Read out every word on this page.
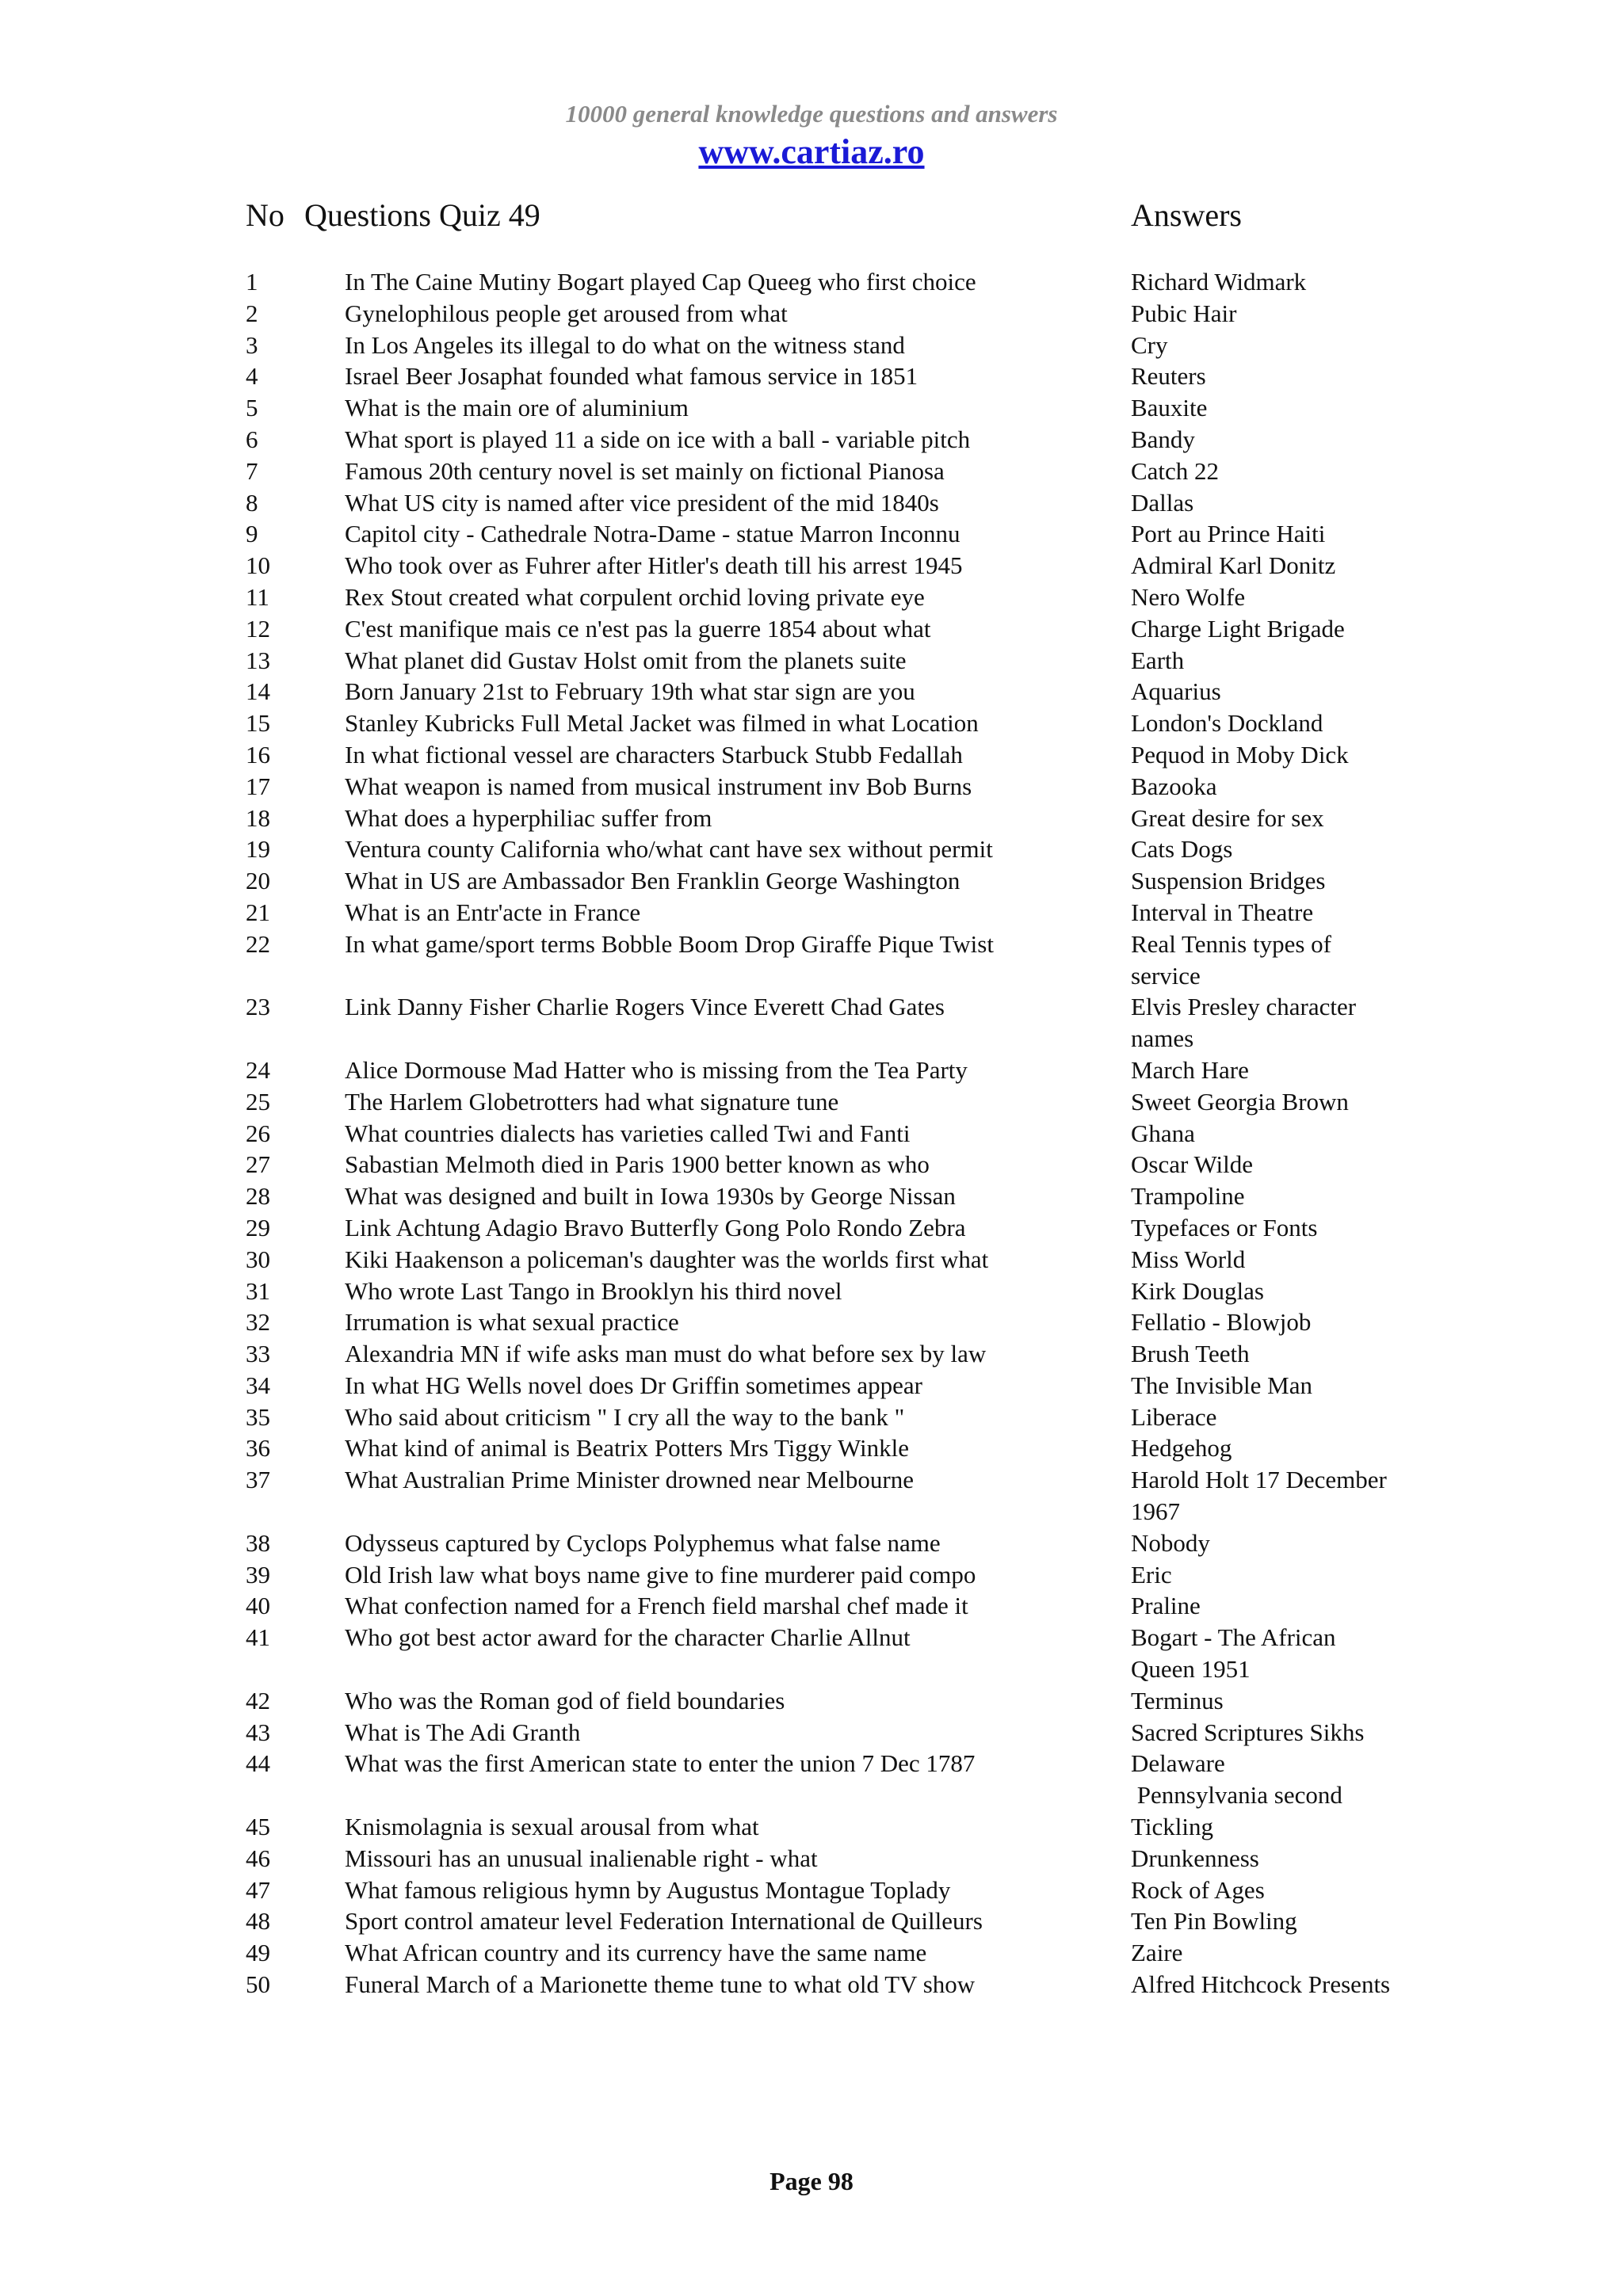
10000 general knowledge questions and answers
www.cartiaz.ro
No Questions Quiz 49	Answers
1	In The Caine Mutiny Bogart played Cap Queeg who first choice	Richard Widmark
2	Gynelophilous people get aroused from what	Pubic Hair
3	In Los Angeles its illegal to do what on the witness stand	Cry
4	Israel Beer Josaphat founded what famous service in 1851	Reuters
5	What is the main ore of aluminium	Bauxite
6	What sport is played 11 a side on ice with a ball - variable pitch	Bandy
7	Famous 20th century novel is set mainly on fictional Pianosa	Catch 22
8	What US city is named after vice president of the mid 1840s	Dallas
9	Capitol city - Cathedrale Notra-Dame - statue Marron Inconnu	Port au Prince Haiti
10	Who took over as Fuhrer after Hitler's death till his arrest 1945	Admiral Karl Donitz
11	Rex Stout created what corpulent orchid loving private eye	Nero Wolfe
12	C'est manifique mais ce n'est pas la guerre 1854 about what	Charge Light Brigade
13	What planet did Gustav Holst omit from the planets suite	Earth
14	Born January 21st to February 19th what star sign are you	Aquarius
15	Stanley Kubricks Full Metal Jacket was filmed in what Location	London's Dockland
16	In what fictional vessel are characters Starbuck Stubb Fedallah	Pequod in Moby Dick
17	What weapon is named from musical instrument inv Bob Burns	Bazooka
18	What does a hyperphiliac suffer from	Great desire for sex
19	Ventura county California who/what cant have sex without permit	Cats Dogs
20	What in US are Ambassador Ben Franklin George Washington	Suspension Bridges
21	What is an Entr'acte in France	Interval in Theatre
22	In what game/sport terms Bobble Boom Drop Giraffe Pique Twist	Real Tennis types of service
23	Link Danny Fisher Charlie Rogers Vince Everett Chad Gates	Elvis Presley character names
24	Alice Dormouse Mad Hatter who is missing from the Tea Party	March Hare
25	The Harlem Globetrotters had what signature tune	Sweet Georgia Brown
26	What countries dialects has varieties called Twi and Fanti	Ghana
27	Sabastian Melmoth died in Paris 1900 better known as who	Oscar Wilde
28	What was designed and built in Iowa 1930s by George Nissan	Trampoline
29	Link Achtung Adagio Bravo Butterfly Gong Polo Rondo Zebra	Typefaces or Fonts
30	Kiki Haakenson a policeman's daughter was the worlds first what	Miss World
31	Who wrote Last Tango in Brooklyn his third novel	Kirk Douglas
32	Irrumation is what sexual practice	Fellatio - Blowjob
33	Alexandria MN if wife asks man must do what before sex by law	Brush Teeth
34	In what HG Wells novel does Dr Griffin sometimes appear	The Invisible Man
35	Who said about criticism " I cry all the way to the bank "	Liberace
36	What kind of animal is Beatrix Potters Mrs Tiggy Winkle	Hedgehog
37	What Australian Prime Minister drowned near Melbourne	Harold Holt 17 December 1967
38	Odysseus captured by Cyclops Polyphemus what false name	Nobody
39	Old Irish law what boys name give to fine murderer paid compo	Eric
40	What confection named for a French field marshal chef made it	Praline
41	Who got best actor award for the character Charlie Allnut	Bogart - The African Queen 1951
42	Who was the Roman god of field boundaries	Terminus
43	What is The Adi Granth	Sacred Scriptures Sikhs
44	What was the first American state to enter the union 7 Dec 1787	Delaware
Pennsylvania second
45	Knismolagnia is sexual arousal from what	Tickling
46	Missouri has an unusual inalienable right - what	Drunkenness
47	What famous religious hymn by Augustus Montague Toplady	Rock of Ages
48	Sport control amateur level Federation International de Quilleurs	Ten Pin Bowling
49	What African country and its currency have the same name	Zaire
50	Funeral March of a Marionette theme tune to what old TV show	Alfred Hitchcock Presents
Page 98
